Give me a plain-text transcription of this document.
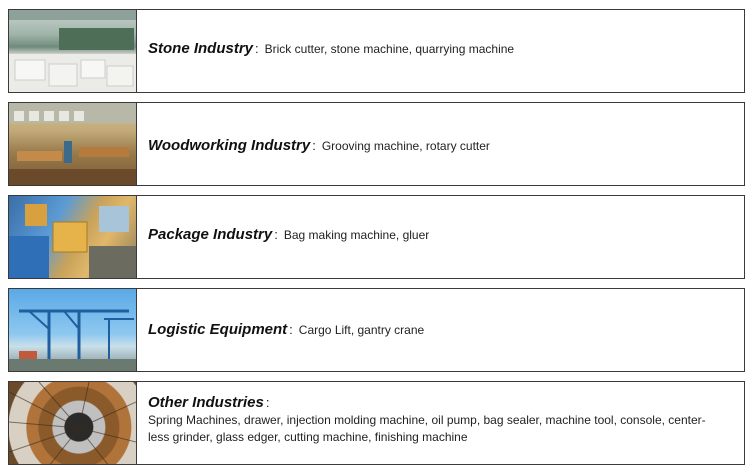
Stone Industry : Brick cutter, stone machine, quarrying machine
Woodworking Industry : Grooving machine, rotary cutter
Package Industry : Bag making machine, gluer
Logistic Equipment : Cargo Lift, gantry crane
Other Industries :
Spring Machines, drawer, injection molding machine, oil pump, bag sealer, machine tool, console, center-
less grinder, glass edger, cutting machine, finishing machine
